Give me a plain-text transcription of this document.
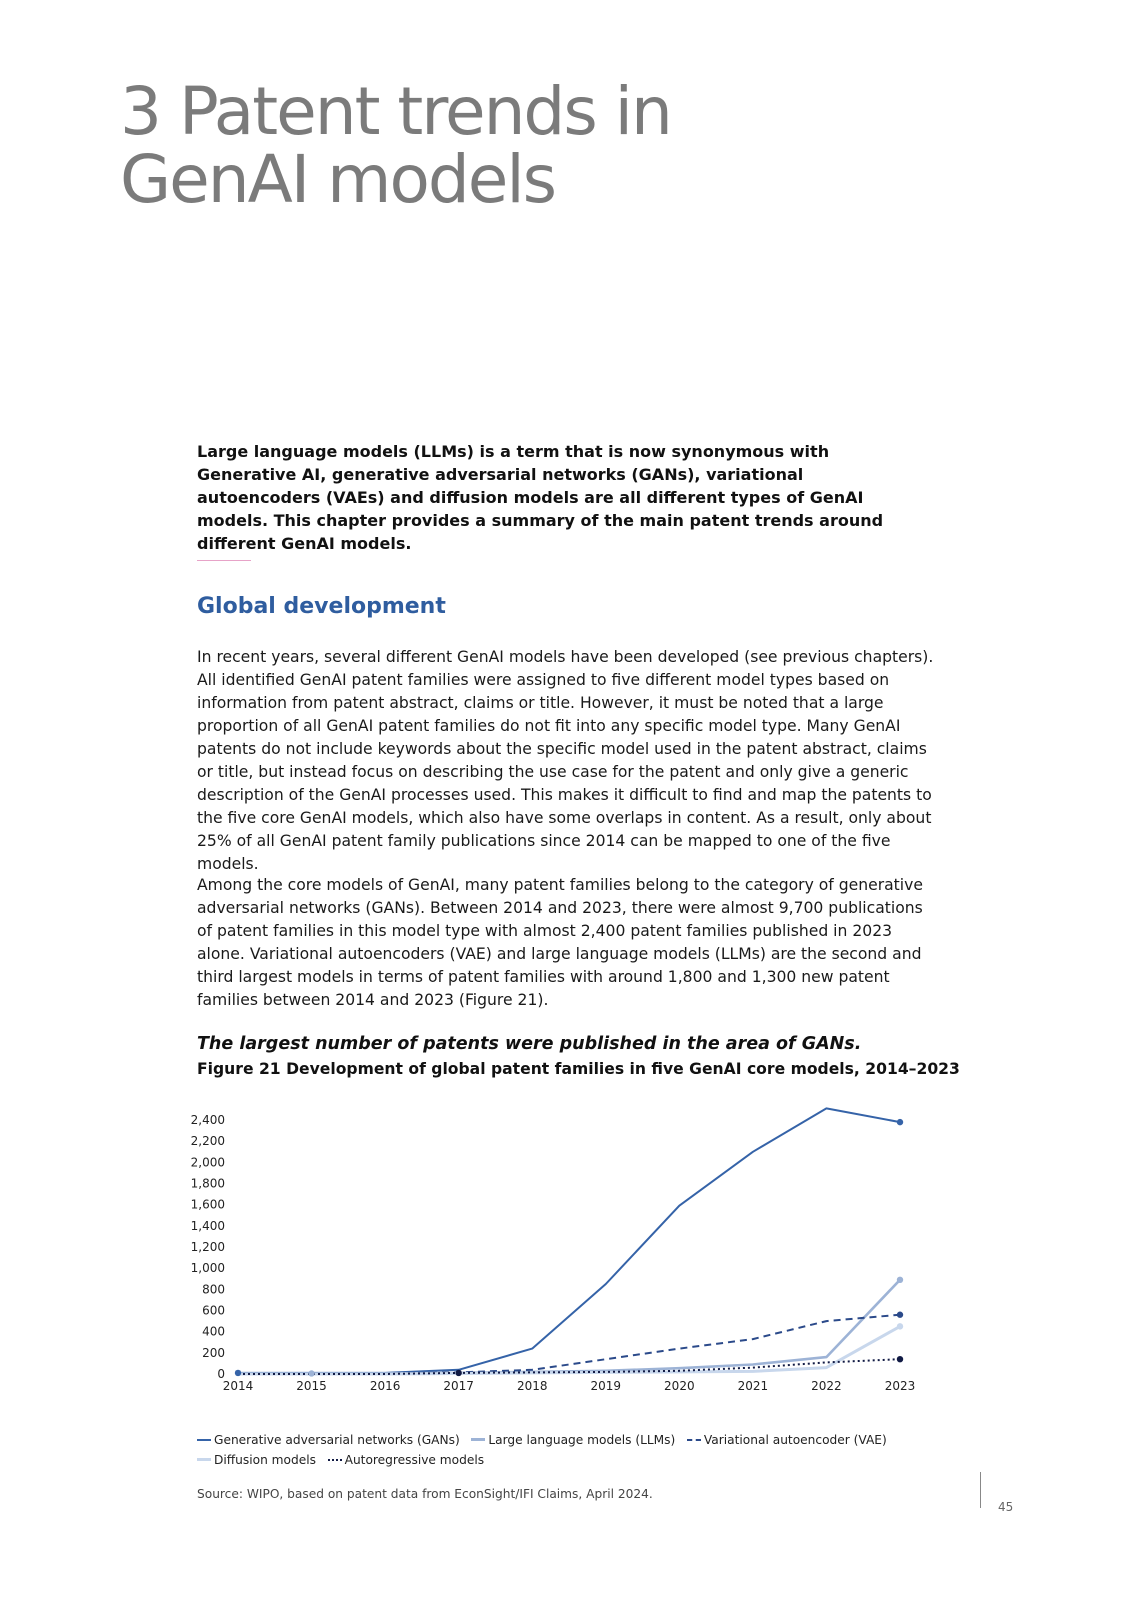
3 Patent trends in
GenAI models

Large language models (LLMs) is a term that is now synonymous with Generative AI, generative adversarial networks (GANs), variational autoencoders (VAEs) and diffusion models are all different types of GenAI models. This chapter provides a summary of the main patent trends around different GenAI models.

Global development

In recent years, several different GenAI models have been developed (see previous chapters). All identified GenAI patent families were assigned to five different model types based on information from patent abstract, claims or title. However, it must be noted that a large proportion of all GenAI patent families do not fit into any specific model type. Many GenAI patents do not include keywords about the specific model used in the patent abstract, claims or title, but instead focus on describing the use case for the patent and only give a generic description of the GenAI processes used. This makes it difficult to find and map the patents to the five core GenAI models, which also have some overlaps in content. As a result, only about 25% of all GenAI patent family publications since 2014 can be mapped to one of the five models.

Among the core models of GenAI, many patent families belong to the category of generative adversarial networks (GANs). Between 2014 and 2023, there were almost 9,700 publications of patent families in this model type with almost 2,400 patent families published in 2023 alone. Variational autoencoders (VAE) and large language models (LLMs) are the second and third largest models in terms of patent families with around 1,800 and 1,300 new patent families between 2014 and 2023 (Figure 21).

The largest number of patents were published in the area of GANs.

Figure 21 Development of global patent families in five GenAI core models, 2014–2023

0
200
400
600
800
1,000
1,200
1,400
1,600
1,800
2,000
2,200
2,400
2014	2015	2016	2017	2018	2019	2020	2021	2022	2023
Generative adversarial networks (GANs) Large language models (LLMs) Variational autoencoder (VAE)   Diffusion models Autoregressive models

Source: WIPO, based on patent data from EconSight/IFI Claims, April 2024.

45
